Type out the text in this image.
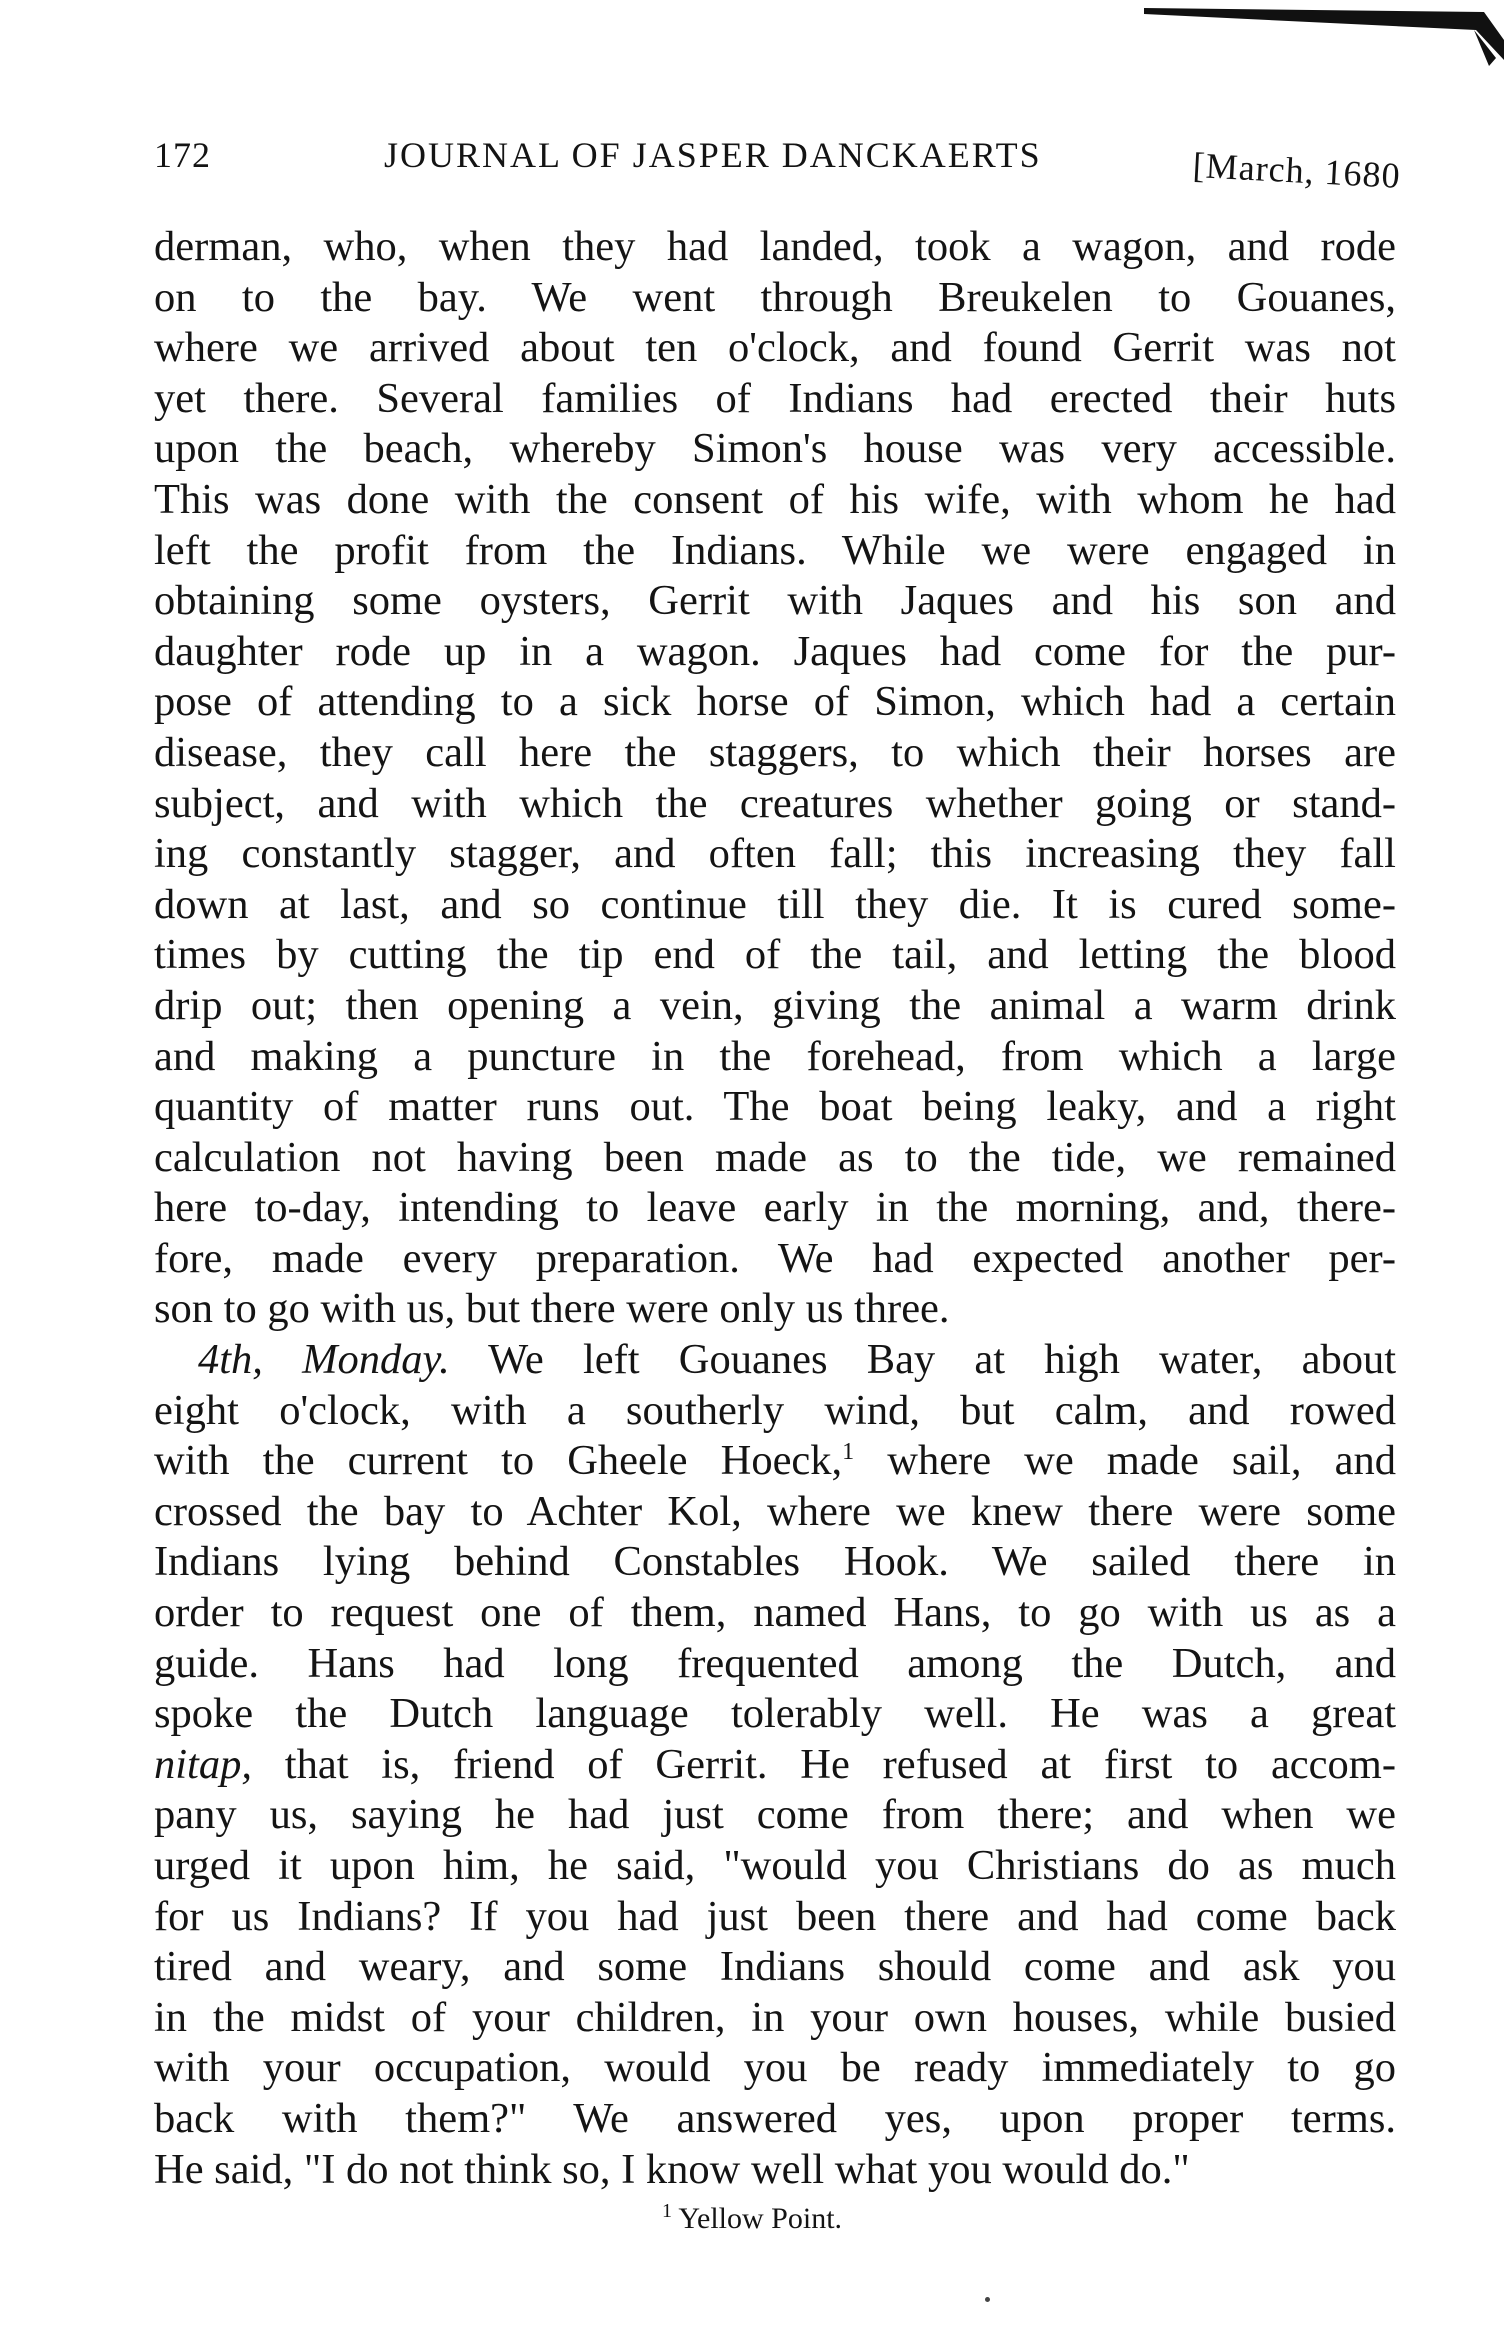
172	JOURNAL OF JASPER DANCKAERTS	[March, 1680
derman, who, when they had landed, took a wagon, and rode
on to the bay. We went through Breukelen to Gouanes,
where we arrived about ten o'clock, and found Gerrit was not
yet there. Several families of Indians had erected their huts
upon the beach, whereby Simon's house was very accessible.
This was done with the consent of his wife, with whom he had
left the profit from the Indians. While we were engaged in
obtaining some oysters, Gerrit with Jaques and his son and
daughter rode up in a wagon. Jaques had come for the pur-
pose of attending to a sick horse of Simon, which had a certain
disease, they call here the staggers, to which their horses are
subject, and with which the creatures whether going or stand-
ing constantly stagger, and often fall; this increasing they fall
down at last, and so continue till they die. It is cured some-
times by cutting the tip end of the tail, and letting the blood
drip out; then opening a vein, giving the animal a warm drink
and making a puncture in the forehead, from which a large
quantity of matter runs out. The boat being leaky, and a right
calculation not having been made as to the tide, we remained
here to-day, intending to leave early in the morning, and, there-
fore, made every preparation. We had expected another per-
son to go with us, but there were only us three.
4th, Monday. We left Gouanes Bay at high water, about
eight o'clock, with a southerly wind, but calm, and rowed
with the current to Gheele Hoeck,$^1$ where we made sail, and
crossed the bay to Achter Kol, where we knew there were some
Indians lying behind Constables Hook. We sailed there in
order to request one of them, named Hans, to go with us as a
guide. Hans had long frequented among the Dutch, and
spoke the Dutch language tolerably well. He was a great
nitap, that is, friend of Gerrit. He refused at first to accom-
pany us, saying he had just come from there; and when we
urged it upon him, he said, "would you Christians do as much
for us Indians? If you had just been there and had come back
tired and weary, and some Indians should come and ask you
in the midst of your children, in your own houses, while busied
with your occupation, would you be ready immediately to go
back with them?" We answered yes, upon proper terms.
He said, "I do not think so, I know well what you would do."
$^1$ Yellow Point.
